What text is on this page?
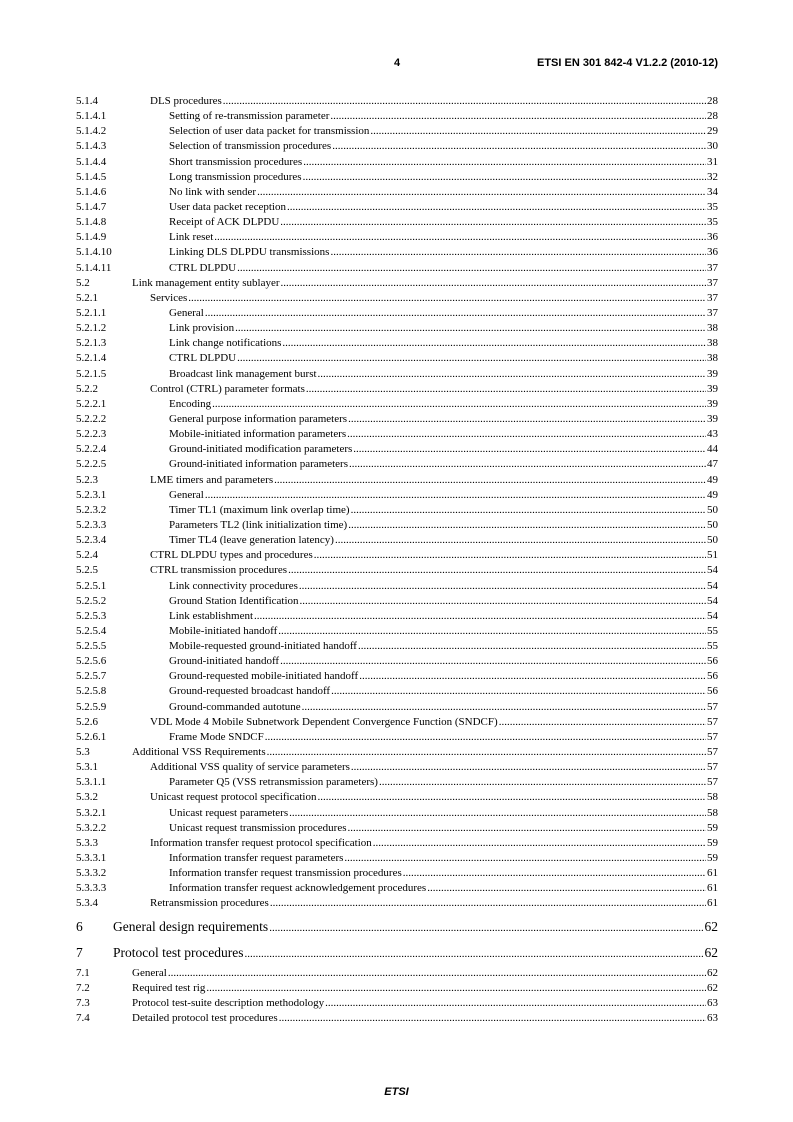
4	ETSI EN 301 842-4 V1.2.2 (2010-12)
5.1.4	DLS procedures .....	28
5.1.4.1	Setting of re-transmission parameter .....	28
5.1.4.2	Selection of user data packet for transmission .....	29
5.1.4.3	Selection of transmission procedures .....	30
5.1.4.4	Short transmission procedures .....	31
5.1.4.5	Long transmission procedures .....	32
5.1.4.6	No link with sender .....	34
5.1.4.7	User data packet reception .....	35
5.1.4.8	Receipt of ACK DLPDU .....	35
5.1.4.9	Link reset .....	36
5.1.4.10	Linking DLS DLPDU transmissions .....	36
5.1.4.11	CTRL DLPDU .....	37
5.2	Link management entity sublayer .....	37
5.2.1	Services .....	37
5.2.1.1	General .....	37
5.2.1.2	Link provision .....	38
5.2.1.3	Link change notifications .....	38
5.2.1.4	CTRL DLPDU .....	38
5.2.1.5	Broadcast link management burst .....	39
5.2.2	Control (CTRL) parameter formats .....	39
5.2.2.1	Encoding .....	39
5.2.2.2	General purpose information parameters .....	39
5.2.2.3	Mobile-initiated information parameters .....	43
5.2.2.4	Ground-initiated modification parameters .....	44
5.2.2.5	Ground-initiated information parameters .....	47
5.2.3	LME timers and parameters .....	49
5.2.3.1	General .....	49
5.2.3.2	Timer TL1 (maximum link overlap time) .....	50
5.2.3.3	Parameters TL2 (link initialization time) .....	50
5.2.3.4	Timer TL4 (leave generation latency) .....	50
5.2.4	CTRL DLPDU types and procedures .....	51
5.2.5	CTRL transmission procedures .....	54
5.2.5.1	Link connectivity procedures .....	54
5.2.5.2	Ground Station Identification .....	54
5.2.5.3	Link establishment .....	54
5.2.5.4	Mobile-initiated handoff .....	55
5.2.5.5	Mobile-requested ground-initiated handoff .....	55
5.2.5.6	Ground-initiated handoff .....	56
5.2.5.7	Ground-requested mobile-initiated handoff .....	56
5.2.5.8	Ground-requested broadcast handoff .....	56
5.2.5.9	Ground-commanded autotune .....	57
5.2.6	VDL Mode 4 Mobile Subnetwork Dependent Convergence Function (SNDCF) .....	57
5.2.6.1	Frame Mode SNDCF .....	57
5.3	Additional VSS Requirements .....	57
5.3.1	Additional VSS quality of service parameters .....	57
5.3.1.1	Parameter Q5 (VSS retransmission parameters) .....	57
5.3.2	Unicast request protocol specification .....	58
5.3.2.1	Unicast request parameters .....	58
5.3.2.2	Unicast request transmission procedures .....	59
5.3.3	Information transfer request protocol specification .....	59
5.3.3.1	Information transfer request parameters .....	59
5.3.3.2	Information transfer request transmission procedures .....	61
5.3.3.3	Information transfer request acknowledgement procedures .....	61
5.3.4	Retransmission procedures .....	61
6	General design requirements .....	62
7	Protocol test procedures .....	62
7.1	General .....	62
7.2	Required test rig .....	62
7.3	Protocol test-suite description methodology .....	63
7.4	Detailed protocol test procedures .....	63
ETSI
